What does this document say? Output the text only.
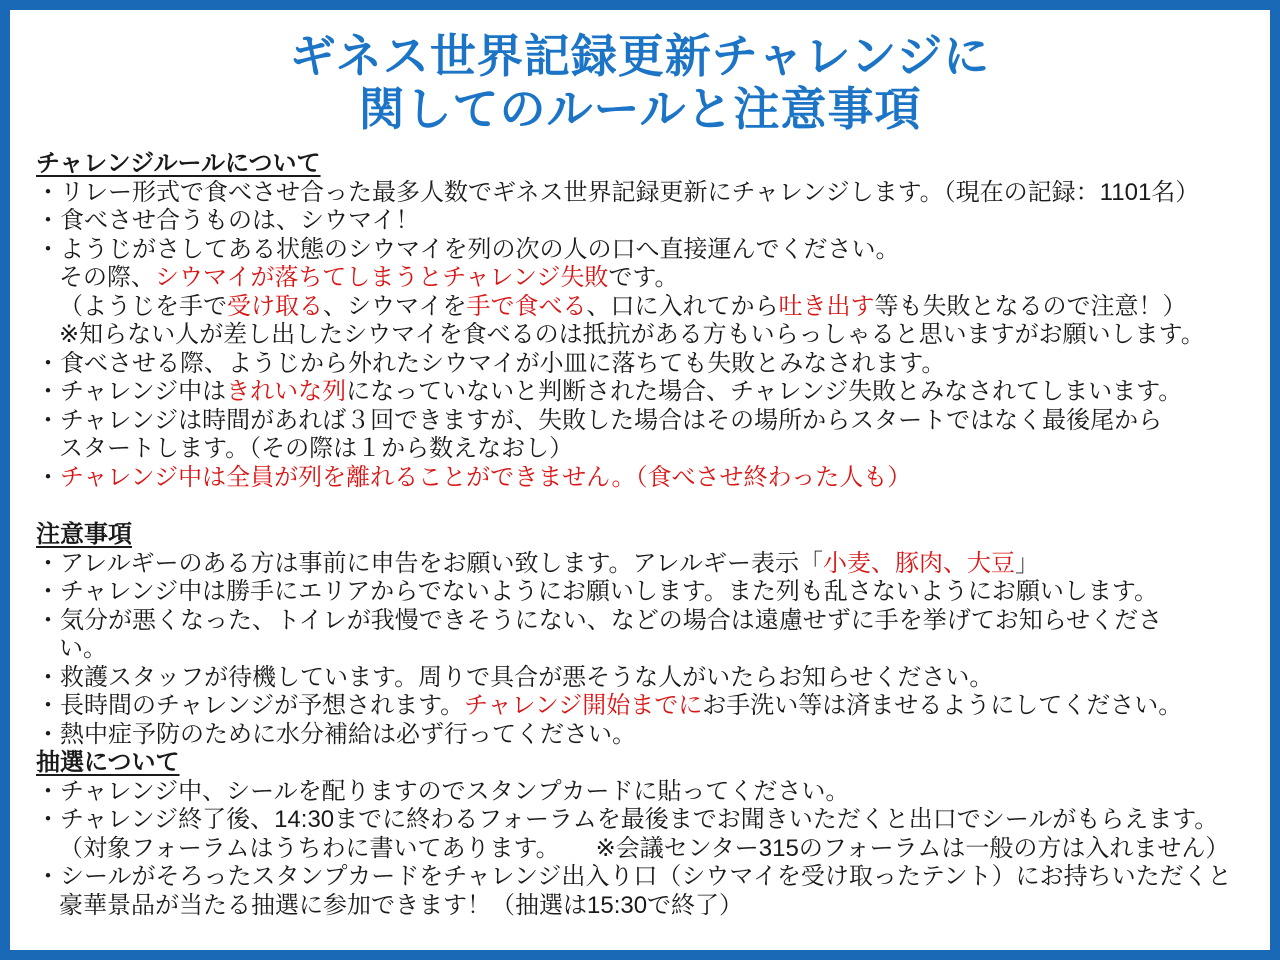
ギネス世界記録更新チャレンジに
関してのルールと注意事項
チャレンジルールについて
・リレー形式で食べさせ合った最多人数でギネス世界記録更新にチャレンジします。（現在の記録：1101名）
・食べさせ合うものは、シウマイ！
・ようじがさしてある状態のシウマイを列の次の人の口へ直接運んでください。
その際、シウマイが落ちてしまうとチャレンジ失敗です。
（ようじを手で受け取る、シウマイを手で食べる、口に入れてから吐き出す等も失敗となるので注意！）
※知らない人が差し出したシウマイを食べるのは抵抗がある方もいらっしゃると思いますがお願いします。
・食べさせる際、ようじから外れたシウマイが小皿に落ちても失敗とみなされます。
・チャレンジ中はきれいな列になっていないと判断された場合、チャレンジ失敗とみなされてしまいます。
・チャレンジは時間があれば３回できますが、失敗した場合はその場所からスタートではなく最後尾から
スタートします。（その際は１から数えなおし）
・チャレンジ中は全員が列を離れることができません。（食べさせ終わった人も）
注意事項
・アレルギーのある方は事前に申告をお願い致します。アレルギー表示「小麦、豚肉、大豆」
・チャレンジ中は勝手にエリアからでないようにお願いします。また列も乱さないようにお願いします。
・気分が悪くなった、トイレが我慢できそうにない、などの場合は遠慮せずに手を挙げてお知らせくださ
い。
・救護スタッフが待機しています。周りで具合が悪そうな人がいたらお知らせください。
・長時間のチャレンジが予想されます。チャレンジ開始までにお手洗い等は済ませるようにしてください。
・熱中症予防のために水分補給は必ず行ってください。
抽選について
・チャレンジ中、シールを配りますのでスタンプカードに貼ってください。
・チャレンジ終了後、14:30までに終わるフォーラムを最後までお聞きいただくと出口でシールがもらえます。
（対象フォーラムはうちわに書いてあります。　　※会議センター315のフォーラムは一般の方は入れません）
・シールがそろったスタンプカードをチャレンジ出入り口（シウマイを受け取ったテント）にお持ちいただくと
豪華景品が当たる抽選に参加できます！（抽選は15:30で終了）
